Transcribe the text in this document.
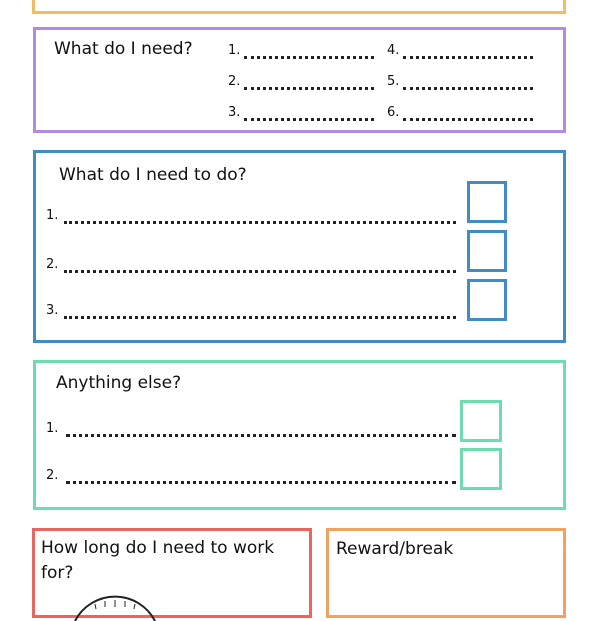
What do I need?	1.
2.
3.
4.
5.
6.
What do I need to do?
1.
2.
3.
Anything else?
1.
2.
How long do I need to work for?
Reward/break
